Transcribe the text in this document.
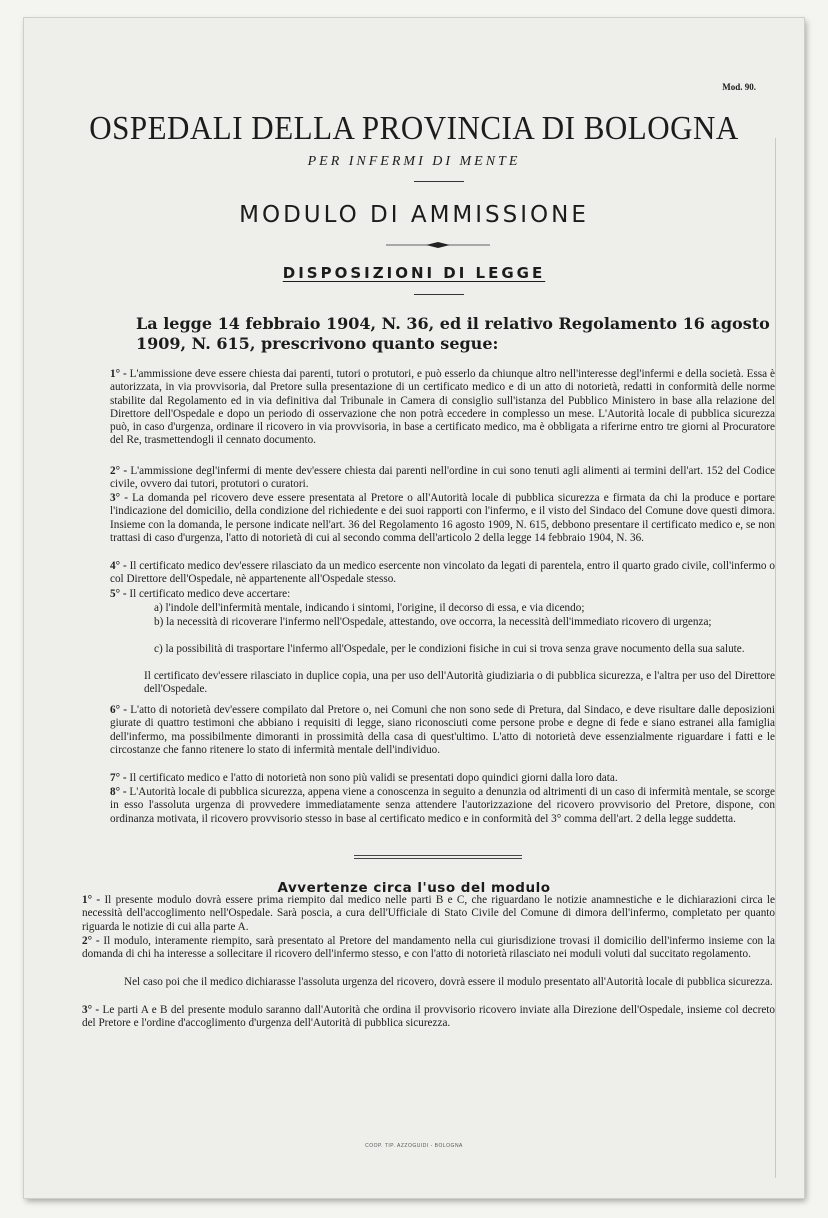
Mod. 90.
OSPEDALI DELLA PROVINCIA DI BOLOGNA
PER INFERMI DI MENTE
MODULO DI AMMISSIONE
DISPOSIZIONI DI LEGGE
La legge 14 febbraio 1904, N. 36, ed il relativo Regolamento 16 agosto 1909, N. 615, prescrivono quanto segue:
1° - L'ammissione deve essere chiesta dai parenti, tutori o protutori, e può esserlo da chiunque altro nell'interesse degl'infermi e della società. Essa è autorizzata, in via provvisoria, dal Pretore sulla presentazione di un certificato medico e di un atto di notorietà, redatti in conformità delle norme stabilite dal Regolamento ed in via definitiva dal Tribunale in Camera di consiglio sull'istanza del Pubblico Ministero in base alla relazione del Direttore dell'Ospedale e dopo un periodo di osservazione che non potrà eccedere in complesso un mese. L'Autorità locale di pubblica sicurezza può, in caso d'urgenza, ordinare il ricovero in via provvisoria, in base a certificato medico, ma è obbligata a riferirne entro tre giorni al Procuratore del Re, trasmettendogli il cennato documento.
2° - L'ammissione degl'infermi di mente dev'essere chiesta dai parenti nell'ordine in cui sono tenuti agli alimenti ai termini dell'art. 152 del Codice civile, ovvero dai tutori, protutori o curatori.
3° - La domanda pel ricovero deve essere presentata al Pretore o all'Autorità locale di pubblica sicurezza e firmata da chi la produce e portare l'indicazione del domicilio, della condizione del richiedente e dei suoi rapporti con l'infermo, e il visto del Sindaco del Comune dove questi dimora. Insieme con la domanda, le persone indicate nell'art. 36 del Regolamento 16 agosto 1909, N. 615, debbono presentare il certificato medico e, se non trattasi di caso d'urgenza, l'atto di notorietà di cui al secondo comma dell'articolo 2 della legge 14 febbraio 1904, N. 36.
4° - Il certificato medico dev'essere rilasciato da un medico esercente non vincolato da legati di parentela, entro il quarto grado civile, coll'infermo o col Direttore dell'Ospedale, nè appartenente all'Ospedale stesso.
5° - Il certificato medico deve accertare:
a) l'indole dell'infermità mentale, indicando i sintomi, l'origine, il decorso di essa, e via dicendo;
b) la necessità di ricoverare l'infermo nell'Ospedale, attestando, ove occorra, la necessità dell'immediato ricovero di urgenza;
c) la possibilità di trasportare l'infermo all'Ospedale, per le condizioni fisiche in cui si trova senza grave nocumento della sua salute.
Il certificato dev'essere rilasciato in duplice copia, una per uso dell'Autorità giudiziaria o di pubblica sicurezza, e l'altra per uso del Direttore dell'Ospedale.
6° - L'atto di notorietà dev'essere compilato dal Pretore o, nei Comuni che non sono sede di Pretura, dal Sindaco, e deve risultare dalle deposizioni giurate di quattro testimoni che abbiano i requisiti di legge, siano riconosciuti come persone probe e degne di fede e siano estranei alla famiglia dell'infermo, ma possibilmente dimoranti in prossimità della casa di quest'ultimo. L'atto di notorietà deve essenzialmente riguardare i fatti e le circostanze che fanno ritenere lo stato di infermità mentale dell'individuo.
7° - Il certificato medico e l'atto di notorietà non sono più validi se presentati dopo quindici giorni dalla loro data.
8° - L'Autorità locale di pubblica sicurezza, appena viene a conoscenza in seguito a denunzia od altrimenti di un caso di infermità mentale, se scorge in esso l'assoluta urgenza di provvedere immediatamente senza attendere l'autorizzazione del ricovero provvisorio del Pretore, dispone, con ordinanza motivata, il ricovero provvisorio stesso in base al certificato medico e in conformità del 3° comma dell'art. 2 della legge suddetta.
Avvertenze circa l'uso del modulo
1° - Il presente modulo dovrà essere prima riempito dal medico nelle parti B e C, che riguardano le notizie anamnestiche e le dichiarazioni circa le necessità dell'accoglimento nell'Ospedale. Sarà poscia, a cura dell'Ufficiale di Stato Civile del Comune di dimora dell'infermo, completato per quanto riguarda le notizie di cui alla parte A.
2° - Il modulo, interamente riempito, sarà presentato al Pretore del mandamento nella cui giurisdizione trovasi il domicilio dell'infermo insieme con la domanda di chi ha interesse a sollecitare il ricovero dell'infermo stesso, e con l'atto di notorietà rilasciato nei moduli voluti dal succitato regolamento.
Nel caso poi che il medico dichiarasse l'assoluta urgenza del ricovero, dovrà essere il modulo presentato all'Autorità locale di pubblica sicurezza.
3° - Le parti A e B del presente modulo saranno dall'Autorità che ordina il provvisorio ricovero inviate alla Direzione dell'Ospedale, insieme col decreto del Pretore e l'ordine d'accoglimento d'urgenza dell'Autorità di pubblica sicurezza.
COOP. TIP. AZZOGUIDI - BOLOGNA
